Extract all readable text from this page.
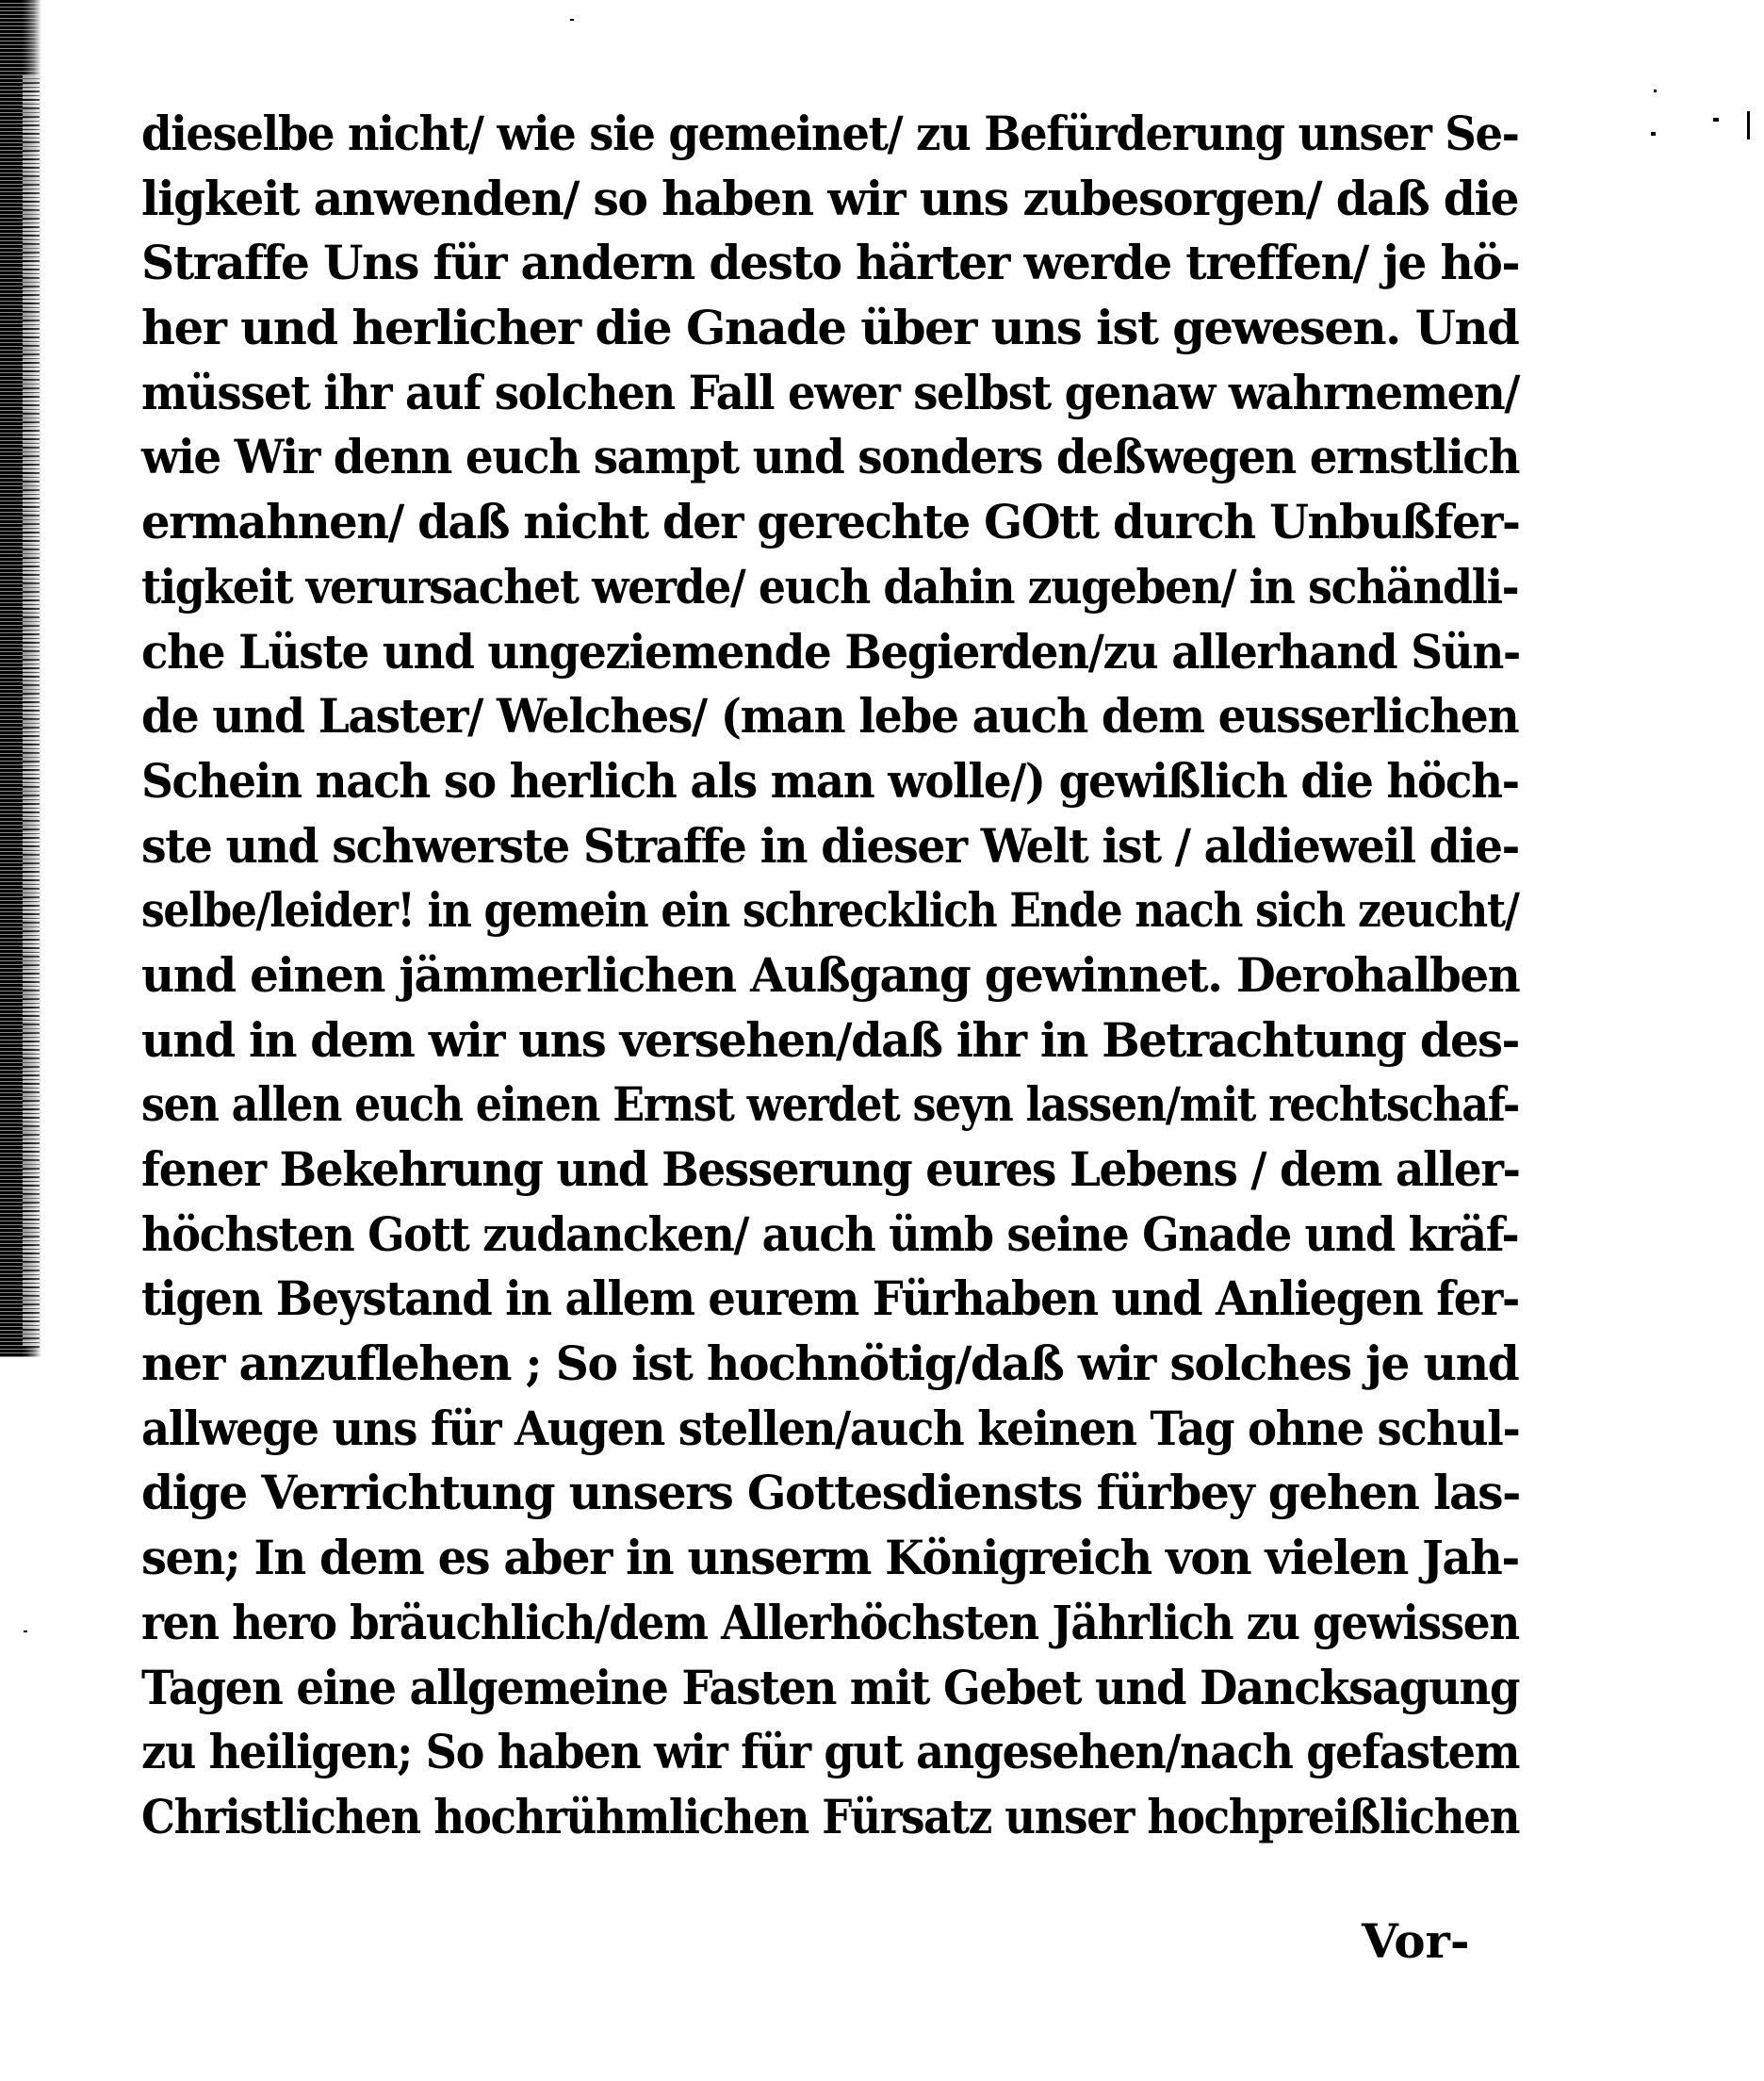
dieselbe nicht/ wie sie gemeinet/ zu Befürderung unser Se-
ligkeit anwenden/ so haben wir uns zubesorgen/ daß die
Straffe Uns für andern desto härter werde treffen/ je hö-
her und herlicher die Gnade über uns ist gewesen. Und
müsset ihr auf solchen Fall ewer selbst genaw wahrnemen/
wie Wir denn euch sampt und sonders deßwegen ernstlich
ermahnen/ daß nicht der gerechte GOtt durch Unbußfer-
tigkeit verursachet werde/ euch dahin zugeben/ in schändli-
che Lüste und ungeziemende Begierden/zu allerhand Sün-
de und Laster/ Welches/ (man lebe auch dem eusserlichen
Schein nach so herlich als man wolle/) gewißlich die höch-
ste und schwerste Straffe in dieser Welt ist / aldieweil die-
selbe/leider! in gemein ein schrecklich Ende nach sich zeucht/
und einen jämmerlichen Außgang gewinnet. Derohalben
und in dem wir uns versehen/daß ihr in Betrachtung des-
sen allen euch einen Ernst werdet seyn lassen/mit rechtschaf-
fener Bekehrung und Besserung eures Lebens / dem aller-
höchsten Gott zudancken/ auch ümb seine Gnade und kräf-
tigen Beystand in allem eurem Fürhaben und Anliegen fer-
ner anzuflehen ; So ist hochnötig/daß wir solches je und
allwege uns für Augen stellen/auch keinen Tag ohne schul-
dige Verrichtung unsers Gottesdiensts fürbey gehen las-
sen; In dem es aber in unserm Königreich von vielen Jah-
ren hero bräuchlich/dem Allerhöchsten Jährlich zu gewissen
Tagen eine allgemeine Fasten mit Gebet und Dancksagung
zu heiligen; So haben wir für gut angesehen/nach gefastem
Christlichen hochrühmlichen Fürsatz unser hochpreißlichen
Vor-
